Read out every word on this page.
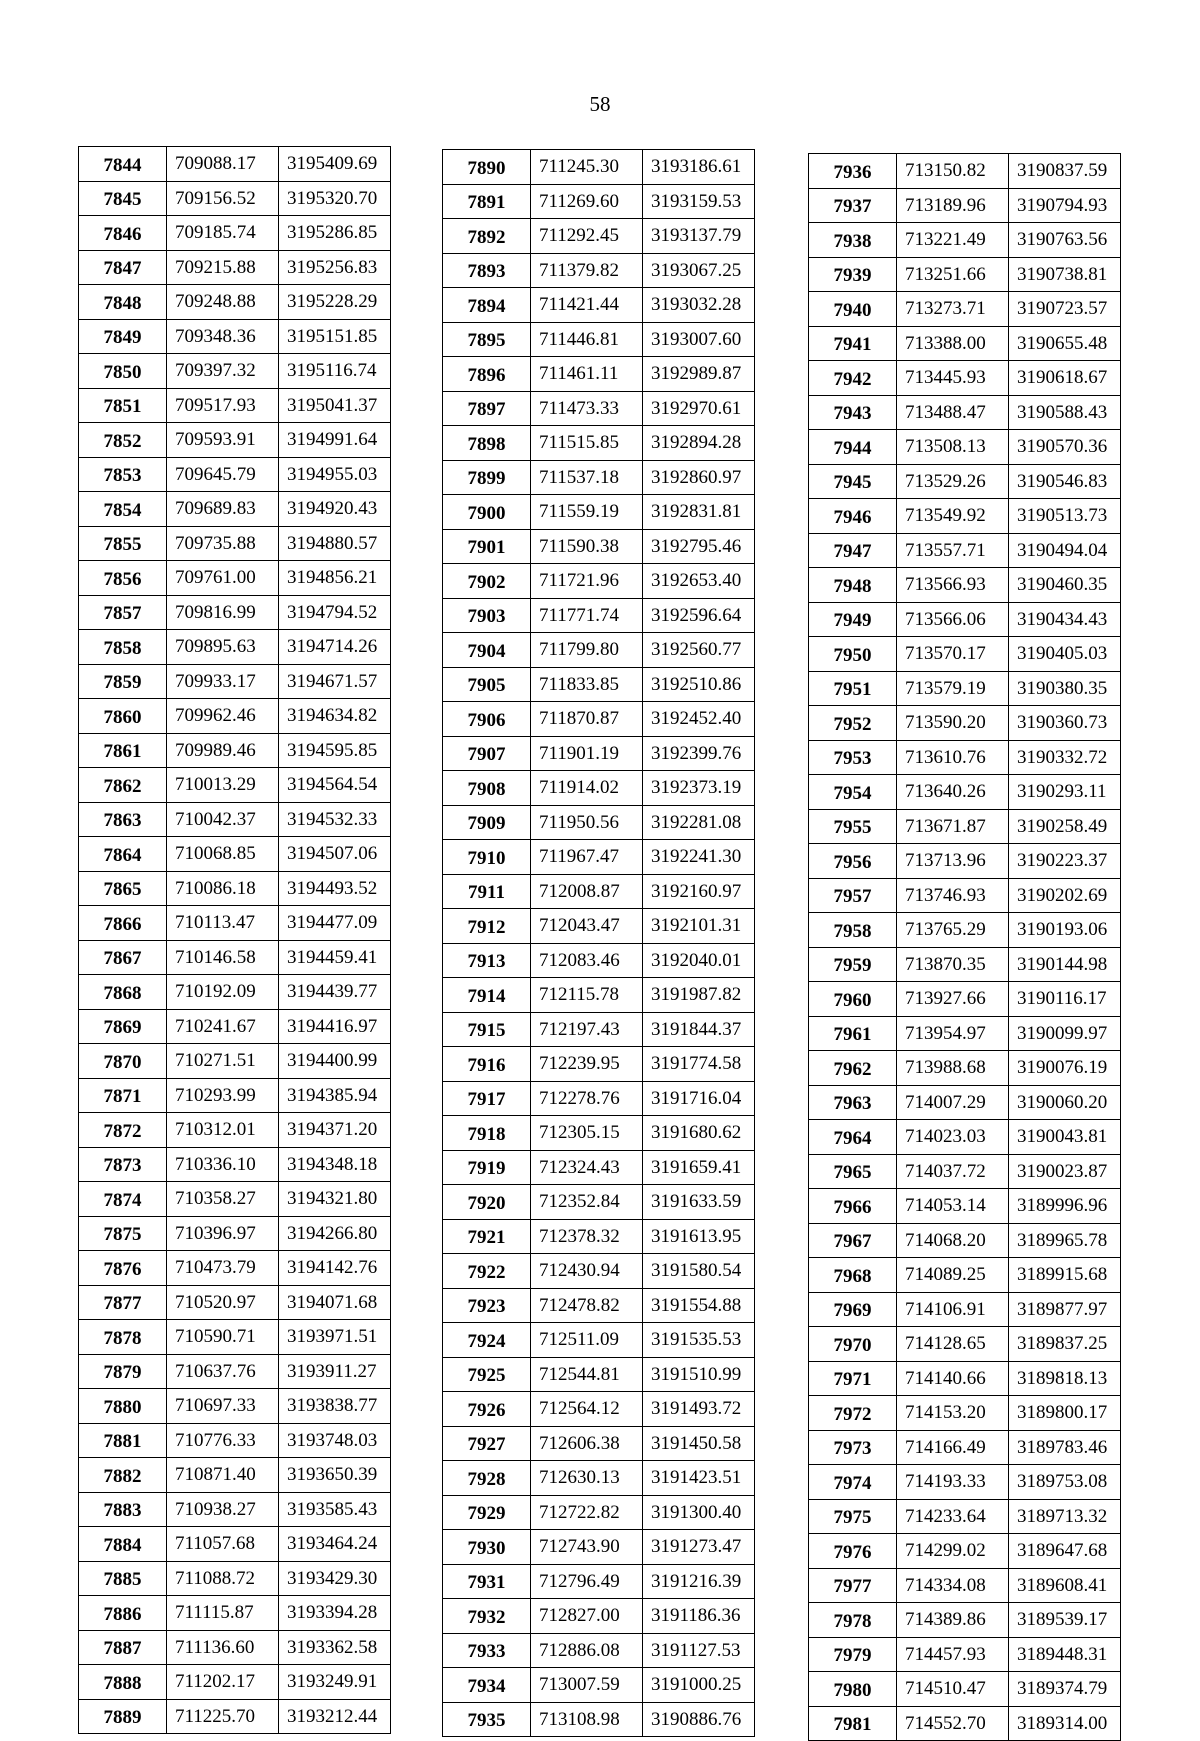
58
7844	709088.17	3195409.69
7845	709156.52	3195320.70
7846	709185.74	3195286.85
7847	709215.88	3195256.83
7848	709248.88	3195228.29
7849	709348.36	3195151.85
7850	709397.32	3195116.74
7851	709517.93	3195041.37
7852	709593.91	3194991.64
7853	709645.79	3194955.03
7854	709689.83	3194920.43
7855	709735.88	3194880.57
7856	709761.00	3194856.21
7857	709816.99	3194794.52
7858	709895.63	3194714.26
7859	709933.17	3194671.57
7860	709962.46	3194634.82
7861	709989.46	3194595.85
7862	710013.29	3194564.54
7863	710042.37	3194532.33
7864	710068.85	3194507.06
7865	710086.18	3194493.52
7866	710113.47	3194477.09
7867	710146.58	3194459.41
7868	710192.09	3194439.77
7869	710241.67	3194416.97
7870	710271.51	3194400.99
7871	710293.99	3194385.94
7872	710312.01	3194371.20
7873	710336.10	3194348.18
7874	710358.27	3194321.80
7875	710396.97	3194266.80
7876	710473.79	3194142.76
7877	710520.97	3194071.68
7878	710590.71	3193971.51
7879	710637.76	3193911.27
7880	710697.33	3193838.77
7881	710776.33	3193748.03
7882	710871.40	3193650.39
7883	710938.27	3193585.43
7884	711057.68	3193464.24
7885	711088.72	3193429.30
7886	711115.87	3193394.28
7887	711136.60	3193362.58
7888	711202.17	3193249.91
7889	711225.70	3193212.44
7890	711245.30	3193186.61
7891	711269.60	3193159.53
7892	711292.45	3193137.79
7893	711379.82	3193067.25
7894	711421.44	3193032.28
7895	711446.81	3193007.60
7896	711461.11	3192989.87
7897	711473.33	3192970.61
7898	711515.85	3192894.28
7899	711537.18	3192860.97
7900	711559.19	3192831.81
7901	711590.38	3192795.46
7902	711721.96	3192653.40
7903	711771.74	3192596.64
7904	711799.80	3192560.77
7905	711833.85	3192510.86
7906	711870.87	3192452.40
7907	711901.19	3192399.76
7908	711914.02	3192373.19
7909	711950.56	3192281.08
7910	711967.47	3192241.30
7911	712008.87	3192160.97
7912	712043.47	3192101.31
7913	712083.46	3192040.01
7914	712115.78	3191987.82
7915	712197.43	3191844.37
7916	712239.95	3191774.58
7917	712278.76	3191716.04
7918	712305.15	3191680.62
7919	712324.43	3191659.41
7920	712352.84	3191633.59
7921	712378.32	3191613.95
7922	712430.94	3191580.54
7923	712478.82	3191554.88
7924	712511.09	3191535.53
7925	712544.81	3191510.99
7926	712564.12	3191493.72
7927	712606.38	3191450.58
7928	712630.13	3191423.51
7929	712722.82	3191300.40
7930	712743.90	3191273.47
7931	712796.49	3191216.39
7932	712827.00	3191186.36
7933	712886.08	3191127.53
7934	713007.59	3191000.25
7935	713108.98	3190886.76
7936	713150.82	3190837.59
7937	713189.96	3190794.93
7938	713221.49	3190763.56
7939	713251.66	3190738.81
7940	713273.71	3190723.57
7941	713388.00	3190655.48
7942	713445.93	3190618.67
7943	713488.47	3190588.43
7944	713508.13	3190570.36
7945	713529.26	3190546.83
7946	713549.92	3190513.73
7947	713557.71	3190494.04
7948	713566.93	3190460.35
7949	713566.06	3190434.43
7950	713570.17	3190405.03
7951	713579.19	3190380.35
7952	713590.20	3190360.73
7953	713610.76	3190332.72
7954	713640.26	3190293.11
7955	713671.87	3190258.49
7956	713713.96	3190223.37
7957	713746.93	3190202.69
7958	713765.29	3190193.06
7959	713870.35	3190144.98
7960	713927.66	3190116.17
7961	713954.97	3190099.97
7962	713988.68	3190076.19
7963	714007.29	3190060.20
7964	714023.03	3190043.81
7965	714037.72	3190023.87
7966	714053.14	3189996.96
7967	714068.20	3189965.78
7968	714089.25	3189915.68
7969	714106.91	3189877.97
7970	714128.65	3189837.25
7971	714140.66	3189818.13
7972	714153.20	3189800.17
7973	714166.49	3189783.46
7974	714193.33	3189753.08
7975	714233.64	3189713.32
7976	714299.02	3189647.68
7977	714334.08	3189608.41
7978	714389.86	3189539.17
7979	714457.93	3189448.31
7980	714510.47	3189374.79
7981	714552.70	3189314.00
